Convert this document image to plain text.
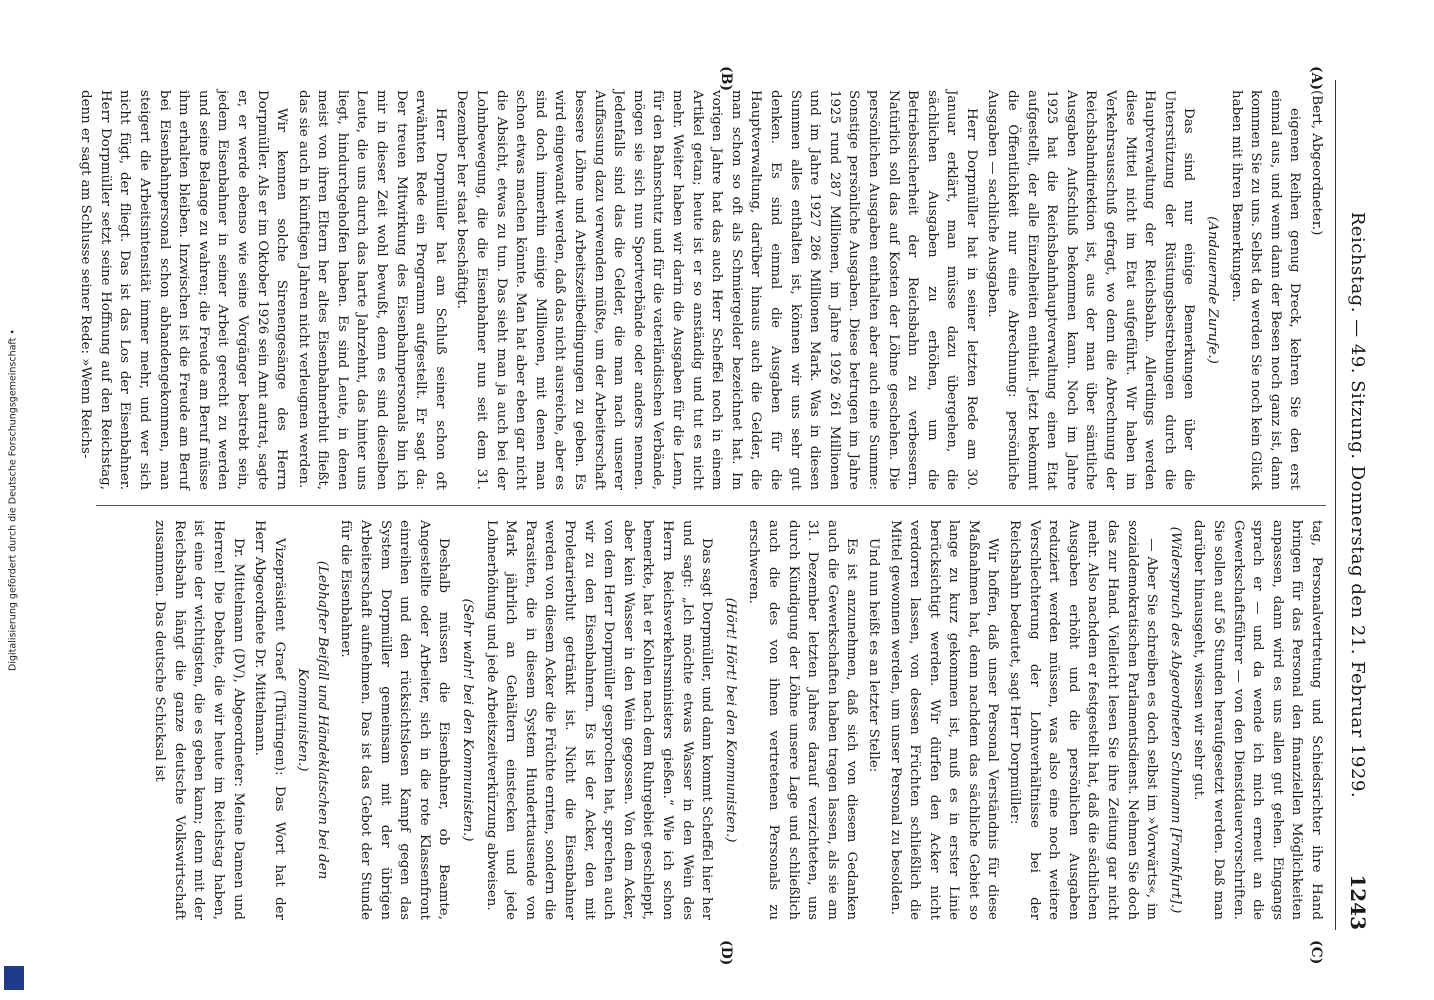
Digitalisierung gefördert durch die Deutsche Forschungsgemeinschaft •	Reichstag. — 49. Sitzung. Donnerstag den 21. Februar 1929.
1243
(A)
(B)
(C)
(D)

(Bert, Abgeordneter.)

eigenen Reihen genug Dreck, kehren Sie den erst einmal aus, und wenn dann der Besen noch ganz ist, dann kommen Sie zu uns. Selbst da werden Sie noch kein Glück haben mit ihren Bemerkungen.

(Andauernde Zurufe.)

Das sind nur einige Bemerkungen über die Unterstützung der Rüstungsbestrebungen durch die Hauptverwaltung der Reichsbahn. Allerdings werden diese Mittel nicht im Etat aufgeführt. Wir haben im Verkehrsausschuß gefragt, wo denn die Abrechnung der Reichsbahndirektion ist, aus der man über sämtliche Ausgaben Aufschluß bekommen kann. Noch im Jahre 1925 hat die Reichsbahnhauptverwaltung einen Etat aufgestellt, der alle Einzelheiten enthielt. Jetzt bekommt die Öffentlichkeit nur eine Abrechnung: persönliche Ausgaben — sachliche Ausgaben.

Herr Dorpmüller hat in seiner letzten Rede am 30. Januar erklärt, man müsse dazu übergehen, die sächlichen Ausgaben zu erhöhen, um die Betriebssicherheit der Reichsbahn zu verbessern. Natürlich soll das auf Kosten der Löhne geschehen. Die persönlichen Ausgaben enthalten aber auch eine Summe: Sonstige persönliche Ausgaben. Diese betrugen im Jahre 1925 rund 287 Millionen, im Jahre 1926 261 Millionen und im Jahre 1927 286 Millionen Mark. Was in diesen Summen alles enthalten ist, können wir uns sehr gut denken. Es sind einmal die Ausgaben für die Hauptverwaltung, darüber hinaus auch die Gelder, die man schon so oft als Schmiergelder bezeichnet hat. Im vorigen Jahre hat das auch Herr Scheffel noch in einem Artikel getan; heute ist er so anständig und tut es nicht mehr. Weiter haben wir darin die Ausgaben für die Lenn, für den Bahnschutz und für die vaterländischen Verbände, mögen sie sich nun Sportverbände oder anders nennen. Jedenfalls sind das die Gelder, die man nach unserer Auffassung dazu verwenden müßte, um der Arbeiterschaft bessere Löhne und Arbeitszeitbedingungen zu geben. Es wird eingewandt werden, daß das nicht ausreiche, aber es sind doch immerhin einige Millionen, mit denen man schon etwas machen könnte. Man hat aber eben gar nicht die Absicht, etwas zu tun. Das sieht man ja auch bei der Lohnbewegung, die die Eisenbahner nun seit dem 31. Dezember her staat beschäftigt.

Herr Dorpmüller hat am Schluß seiner schon oft erwähnten Rede ein Programm aufgestellt. Er sagt da: Der treuen Mitwirkung des Eisenbahnpersonals bin ich mir in dieser Zeit wohl bewußt, denn es sind dieselben Leute, die uns durch das harte Jahrzehnt, das hinter uns liegt, hindurchgeholfen haben. Es sind Leute, in denen meist von ihren Eltern her altes Eisenbahnerblut fließt, das sie auch in künftigen Jahren nicht verleugnen werden.

Wir kennen solche Sirenengesänge des Herrn Dorpmüller. Als er im Oktober 1926 sein Amt antrat, sagte er, er werde ebenso wie seine Vorgänger bestrebt sein, jedem Eisenbahner in seiner Arbeit gerecht zu werden und seine Belange zu wahren; die Freude am Beruf müsse ihm erhalten bleiben. Inzwischen ist die Freude am Beruf bei Eisenbahnpersonal schon abhandengekommen, man steigert die Arbeitsintensität immer mehr, und wer sich nicht fügt, der fliegt. Das ist das Los der Eisenbahner. Herr Dorpmüller setzt seine Hoffnung auf den Reichstag, denn er sagt am Schlusse seiner Rede: »Wenn Reichs-

tag, Personalvertretung und Schiedsrichter ihre Hand bringen für das Personal den finanziellen Möglichkeiten anpassen, dann wird es uns allen gut gehen. Eingangs sprach er — und da wende ich mich erneut an die Gewerkschaftsführer — von den Dienstdauervorschriften. Sie sollen auf 56 Stunden heraufgesetzt werden. Daß man darüber hinausgeht, wissen wir sehr gut.

(Widerspruch des Abgeordneten Schumann [Frankfurt].)

— Aber Sie schreiben es doch selbst im »Vorwärts«, im sozialdemokratischen Parlamentsdienst. Nehmen Sie doch das zur Hand. Vielleicht lesen Sie ihre Zeitung gar nicht mehr. Also nachdem er festgestellt hat, daß die sächlichen Ausgaben erhöht und die persönlichen Ausgaben reduziert werden müssen, was also eine noch weitere Verschlechterung der Lohnverhältnisse bei der Reichsbahn bedeutet, sagt Herr Dorpmüller:

Wir hoffen, daß unser Personal Verständnis für diese Maßnahmen hat, denn nachdem das sächliche Gebiet so lange zu kurz gekommen ist, muß es in erster Linie berücksichtigt werden. Wir dürfen den Acker nicht verdorren lassen, von dessen Früchten schließlich die Mittel gewonnen werden, um unser Personal zu besolden.

Und nun heißt es an letzter Stelle:

Es ist anzunehmen, daß sich von diesem Gedanken auch die Gewerkschaften haben tragen lassen, als sie am 31. Dezember letzten Jahres darauf verzichteten, uns durch Kündigung der Löhne unsere Lage und schließlich auch die des von ihnen vertretenen Personals zu erschweren.

(Hört! Hört! bei den Kommunisten.)

Das sagt Dorpmüller, und dann kommt Scheffel hier her und sagt: „Ich möchte etwas Wasser in den Wein des Herrn Reichsverkehrsministers gießen.“ Wie ich schon bemerkte, hat er Kohlen nach dem Ruhrgebiet geschleppt, aber kein Wasser in den Wein gegossen. Von dem Acker, von dem Herr Dorpmüller gesprochen hat, sprechen auch wir zu den Eisenbahnern. Es ist der Acker, den mit Proletarierblut getränkt ist. Nicht die Eisenbahner werden von diesem Acker die Früchte ernten, sondern die Parasiten, die in diesem System Hunderttausende von Mark jährlich an Gehältern einstecken und jede Lohnerhöhung und jede Arbeitszeitverkürzung abweisen.

(Sehr wahr! bei den Kommunisten.)

Deshalb müssen die Eisenbahner, ob Beamte, Angestellte oder Arbeiter, sich in die rote Klassenfront einreihen und den rücksichtslosen Kampf gegen das System Dorpmüller gemeinsam mit der übrigen Arbeiterschaft aufnehmen. Das ist das Gebot der Stunde für die Eisenbahner.

(Lebhafter Beifall und Händeklatschen bei den Kommunisten.)

Vizepräsident Graef (Thüringen): Das Wort hat der Herr Abgeordnete Dr. Mittelmann.

Dr. Mittelmann (DV), Abgeordneter: Meine Damen und Herren! Die Debatte, die wir heute im Reichstag haben, ist eine der wichtigsten, die es geben kann; denn mit der Reichsbahn hängt die ganze deutsche Volkswirtschaft zusammen. Das deutsche Schicksal ist
